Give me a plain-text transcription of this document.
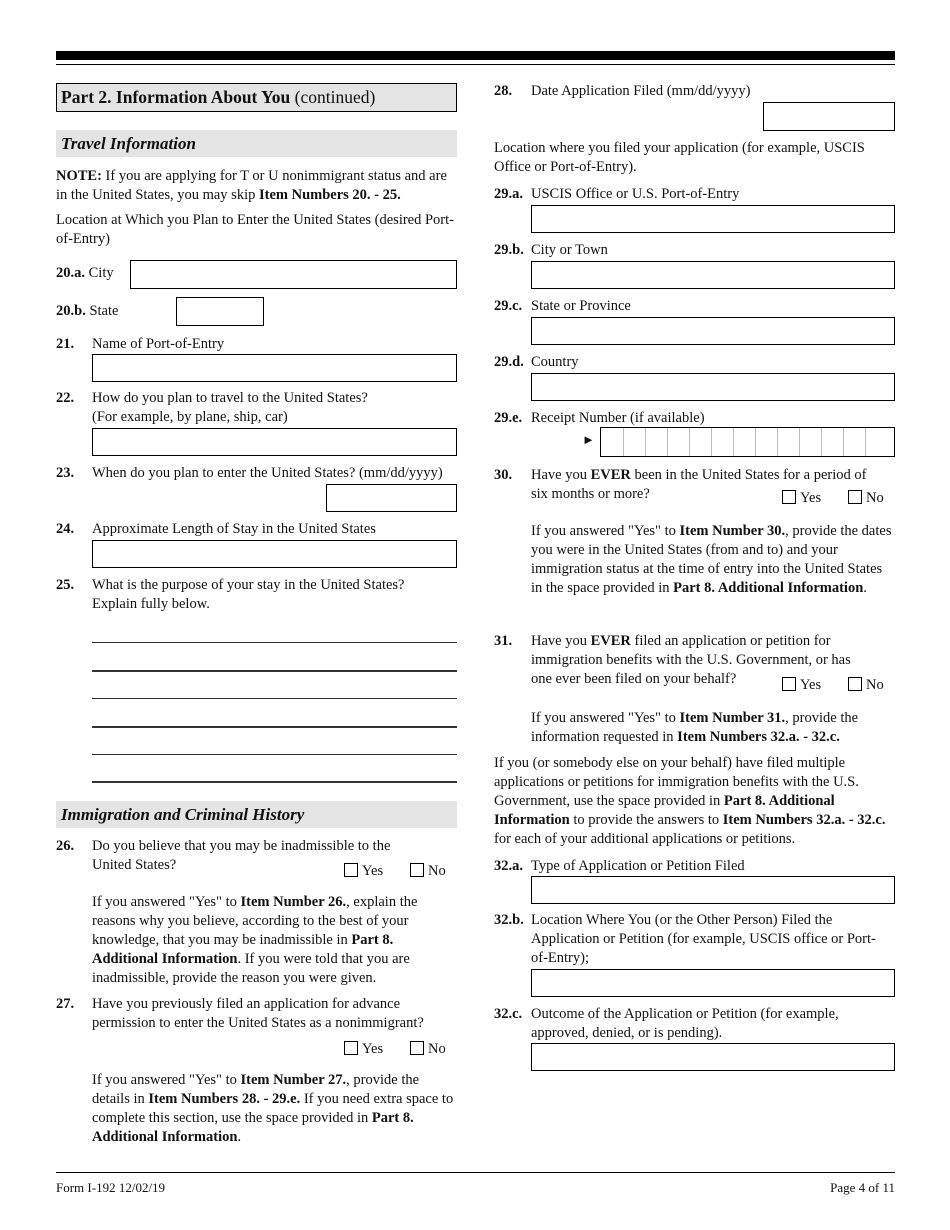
Part 2. Information About You (continued)
Travel Information
NOTE: If you are applying for T or U nonimmigrant status and are in the United States, you may skip Item Numbers 20. - 25.
Location at Which you Plan to Enter the United States (desired Port-of-Entry)
20.a. City
20.b. State
21. Name of Port-of-Entry
22. How do you plan to travel to the United States?
(For example, by plane, ship, car)
23. When do you plan to enter the United States? (mm/dd/yyyy)
24. Approximate Length of Stay in the United States
25. What is the purpose of your stay in the United States?
Explain fully below.
Immigration and Criminal History
26. Do you believe that you may be inadmissible to the
United States?	Yes	No
If you answered "Yes" to Item Number 26., explain the reasons why you believe, according to the best of your knowledge, that you may be inadmissible in Part 8. Additional Information. If you were told that you are inadmissible, provide the reason you were given.
27. Have you previously filed an application for advance
permission to enter the United States as a nonimmigrant?
Yes	No
If you answered "Yes" to Item Number 27., provide the details in Item Numbers 28. - 29.e. If you need extra space to complete this section, use the space provided in Part 8. Additional Information.
28. Date Application Filed (mm/dd/yyyy)
Location where you filed your application (for example, USCIS Office or Port-of-Entry).
29.a. USCIS Office or U.S. Port-of-Entry
29.b. City or Town
29.c. State or Province
29.d. Country
29.e. Receipt Number (if available)
►
30. Have you EVER been in the United States for a period of
six months or more?	Yes	No
If you answered "Yes" to Item Number 30., provide the dates you were in the United States (from and to) and your immigration status at the time of entry into the United States in the space provided in Part 8. Additional Information.
31. Have you EVER filed an application or petition for
immigration benefits with the U.S. Government, or has
one ever been filed on your behalf?	Yes	No
If you answered "Yes" to Item Number 31., provide the information requested in Item Numbers 32.a. - 32.c.
If you (or somebody else on your behalf) have filed multiple applications or petitions for immigration benefits with the U.S. Government, use the space provided in Part 8. Additional Information to provide the answers to Item Numbers 32.a. - 32.c. for each of your additional applications or petitions.
32.a. Type of Application or Petition Filed
32.b. Location Where You (or the Other Person) Filed the Application or Petition (for example, USCIS office or Port-of-Entry);
32.c. Outcome of the Application or Petition (for example, approved, denied, or is pending).
Form I-192 12/02/19	Page 4 of 11
